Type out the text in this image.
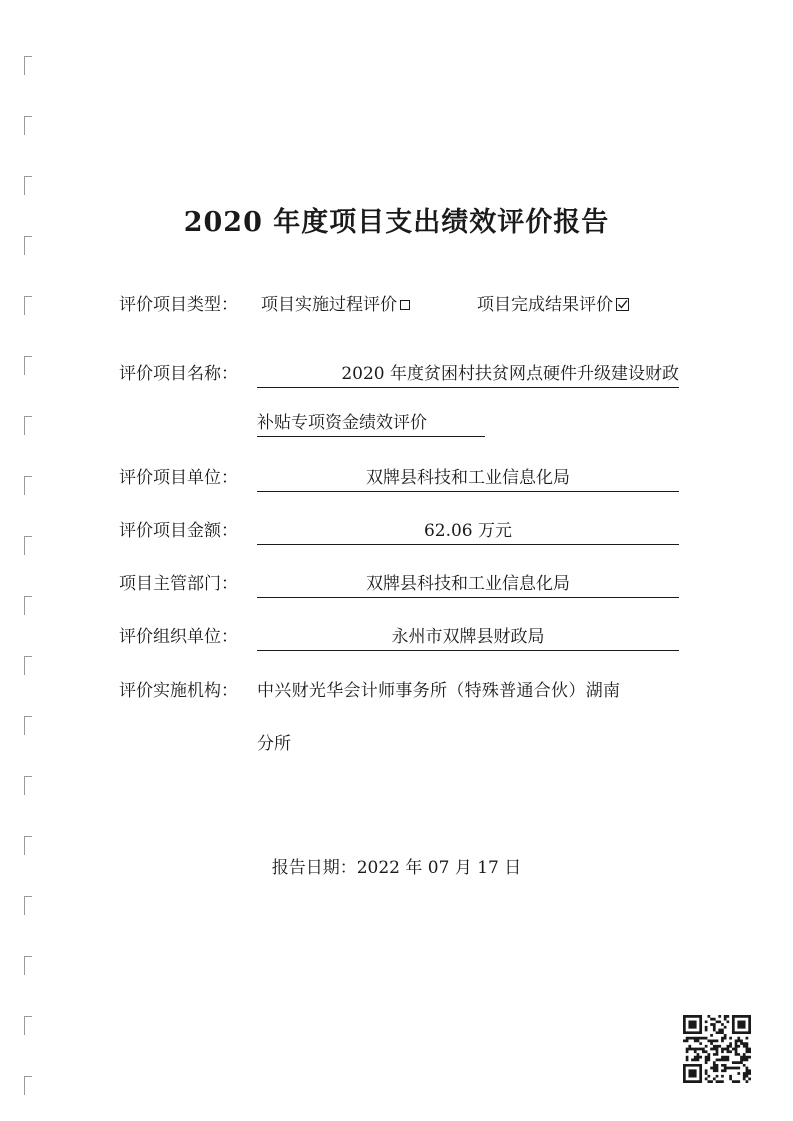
2020 年度项目支出绩效评价报告
评价项目类型： 项目实施过程评价	项目完成结果评价
评价项目名称：	2020 年度贫困村扶贫网点硬件升级建设财政
补贴专项资金绩效评价
评价项目单位：	双牌县科技和工业信息化局
评价项目金额：	62.06 万元
项目主管部门：	双牌县科技和工业信息化局
评价组织单位：	永州市双牌县财政局
评价实施机构： 中兴财光华会计师事务所（特殊普通合伙）湖南
分所
报告日期：2022 年 07 月 17 日
